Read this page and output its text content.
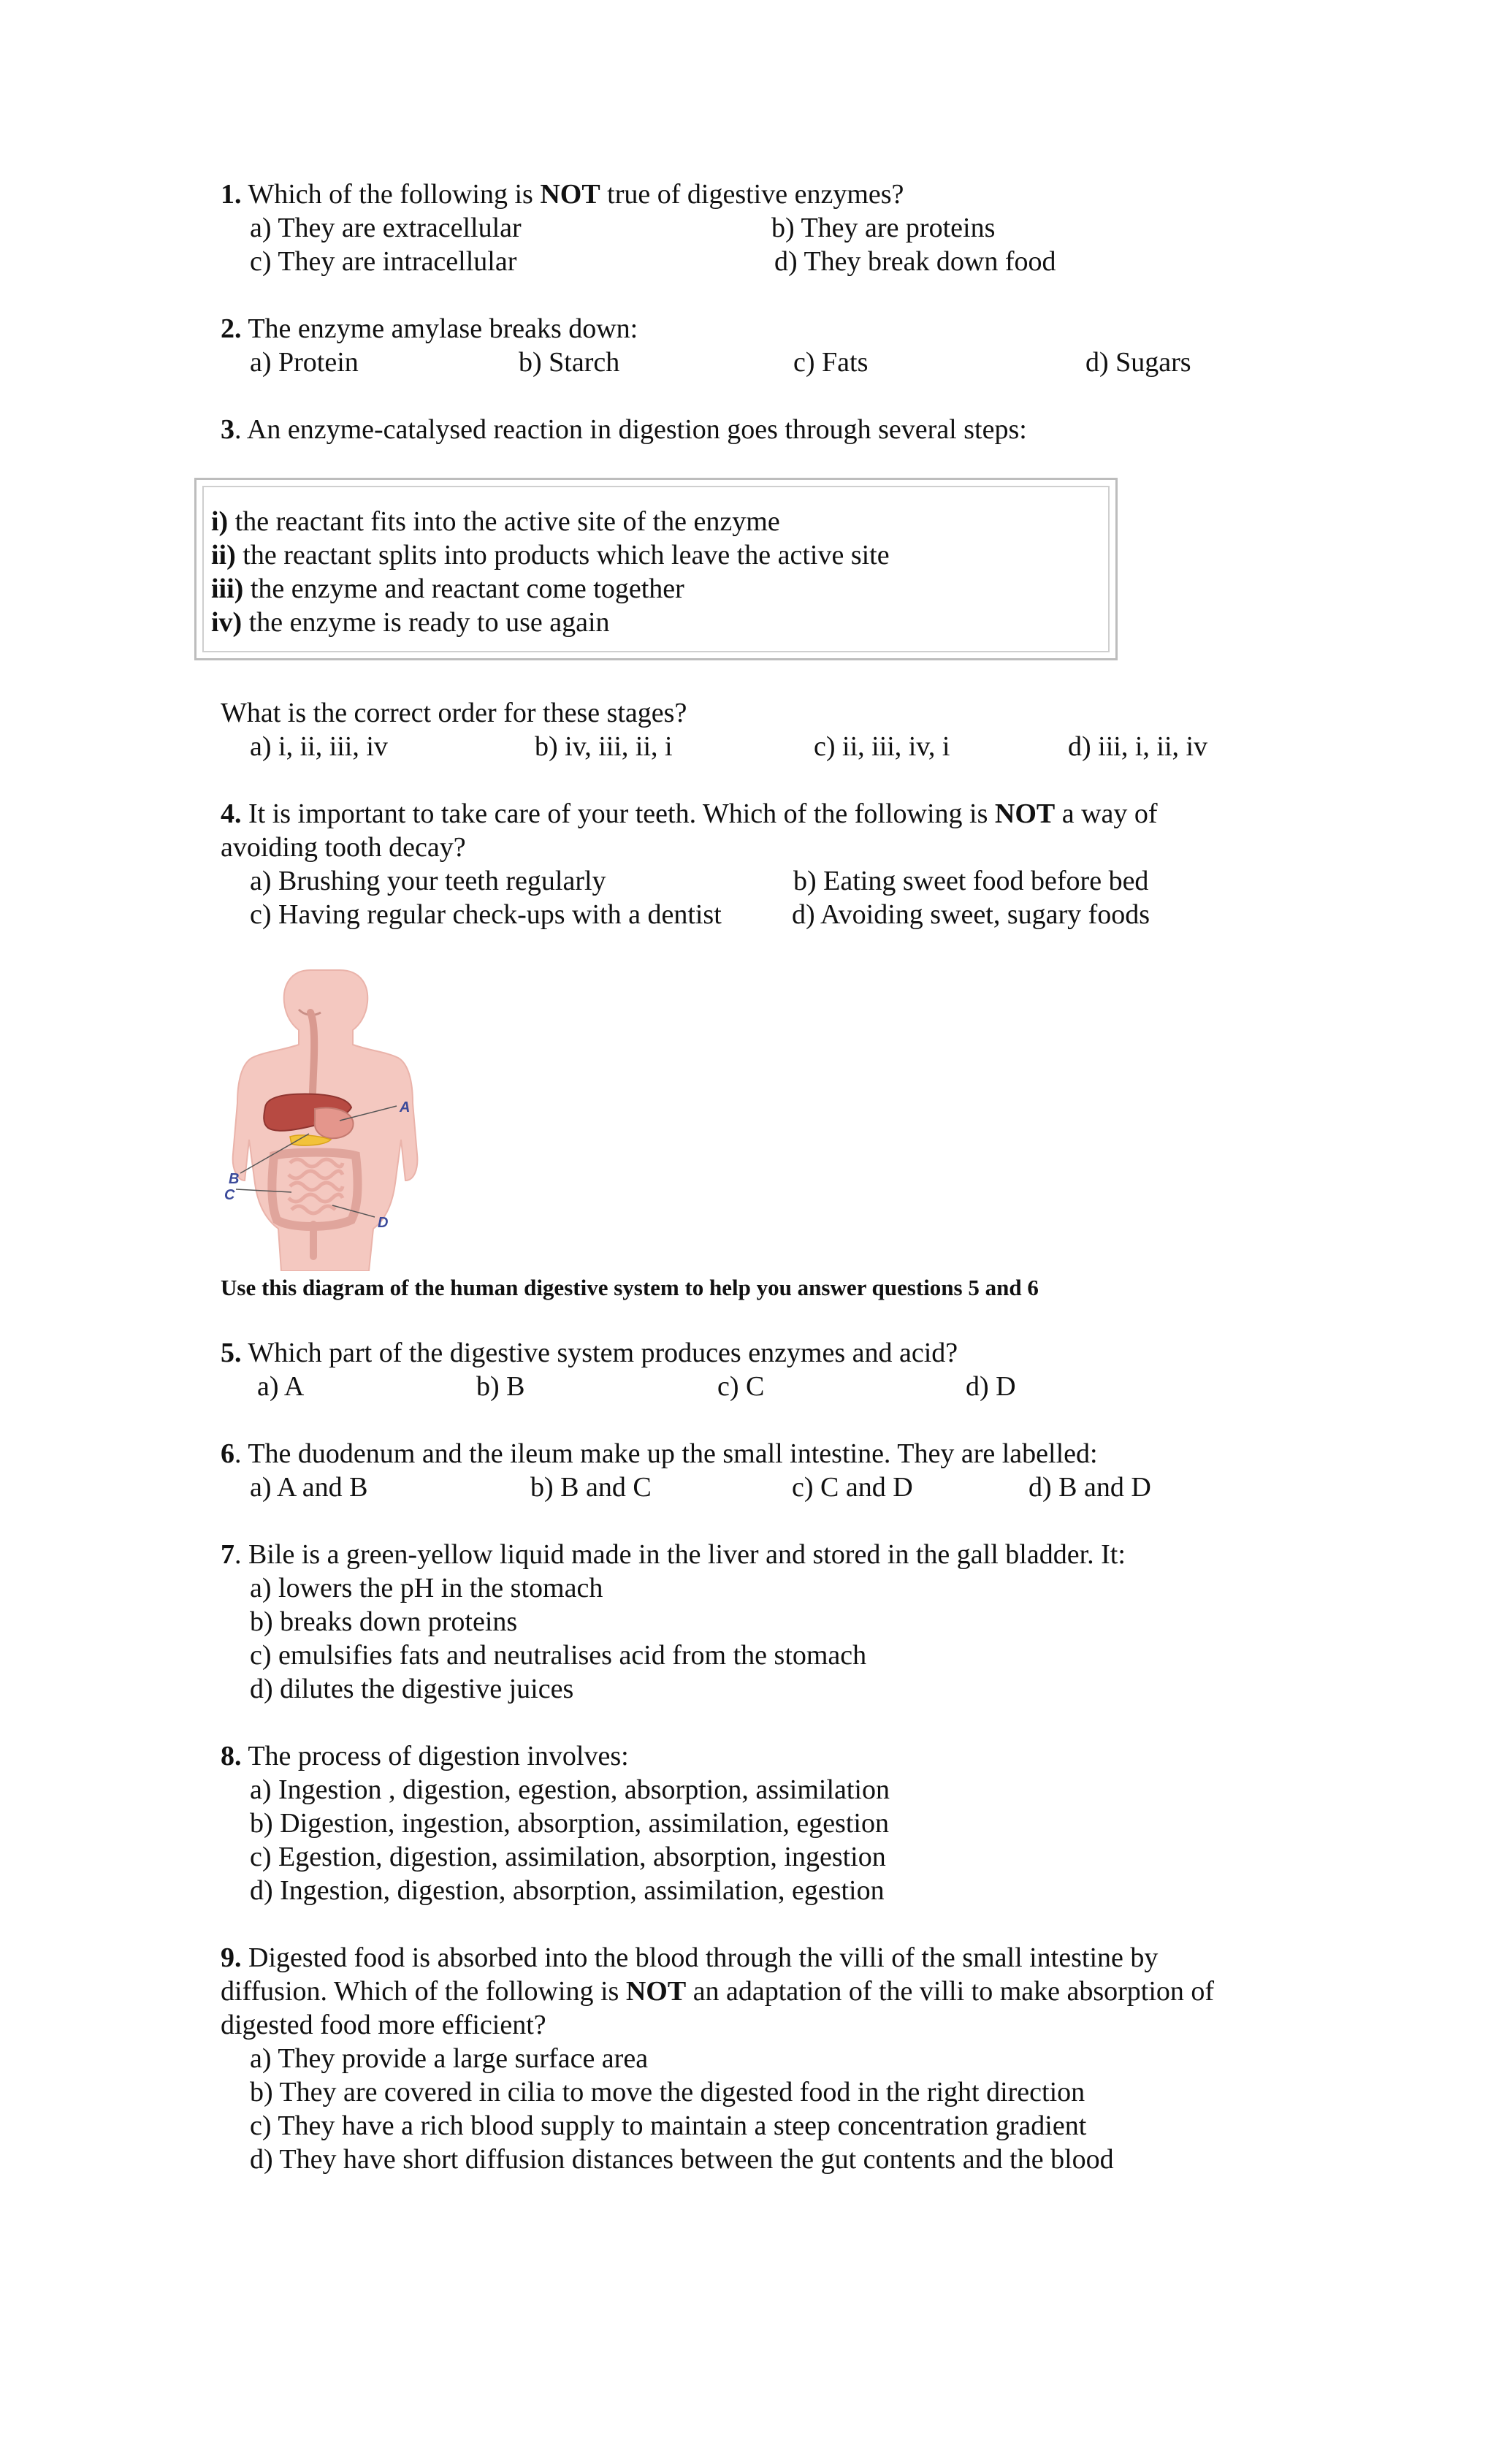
1. Which of the following is NOT true of digestive enzymes?
a) They are extracellular	b) They are proteins
c) They are intracellular	d) They break down food
2. The enzyme amylase breaks down:
a) Protein	b) Starch	c) Fats	d) Sugars
3. An enzyme-catalysed reaction in digestion goes through several steps:
i) the reactant fits into the active site of the enzyme
ii) the reactant splits into products which leave the active site
iii) the enzyme and reactant come together
iv) the enzyme is ready to use again
What is the correct order for these stages?
a) i, ii, iii, iv	b) iv, iii, ii, i	c) ii, iii, iv, i	d) iii, i, ii, iv
4. It is important to take care of your teeth. Which of the following is NOT a way of
avoiding tooth decay?
a) Brushing your teeth regularly	b) Eating sweet food before bed
c) Having regular check-ups with a dentist	d) Avoiding sweet, sugary foods
A
B
C
D
Use this diagram of the human digestive system to help you answer questions 5 and 6
5. Which part of the digestive system produces enzymes and acid?
a) A	b) B	c) C	d) D
6. The duodenum and the ileum make up the small intestine. They are labelled:
a) A and B	b) B and C	c) C and D	d) B and D
7. Bile is a green-yellow liquid made in the liver and stored in the gall bladder. It:
a) lowers the pH in the stomach
b) breaks down proteins
c) emulsifies fats and neutralises acid from the stomach
d) dilutes the digestive juices
8. The process of digestion involves:
a) Ingestion , digestion, egestion, absorption, assimilation
b) Digestion, ingestion, absorption, assimilation, egestion
c) Egestion, digestion, assimilation, absorption, ingestion
d) Ingestion, digestion, absorption, assimilation, egestion
9. Digested food is absorbed into the blood through the villi of the small intestine by
diffusion. Which of the following is NOT an adaptation of the villi to make absorption of
digested food more efficient?
a) They provide a large surface area
b) They are covered in cilia to move the digested food in the right direction
c) They have a rich blood supply to maintain a steep concentration gradient
d) They have short diffusion distances between the gut contents and the blood
